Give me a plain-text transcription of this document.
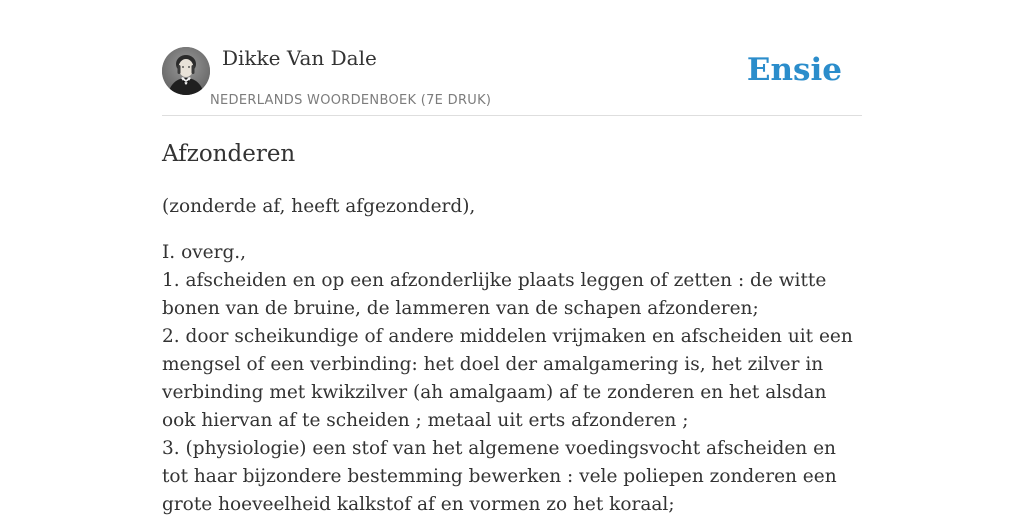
Dikke Van Dale
NEDERLANDS WOORDENBOEK (7E DRUK)
Ensie
Afzonderen
(zonderde af, heeft afgezonderd),
I. overg.,
1. afscheiden en op een afzonderlijke plaats leggen of zetten : de witte bonen van de bruine, de lammeren van de schapen afzonderen;
2. door scheikundige of andere middelen vrijmaken en afscheiden uit een mengsel of een verbinding: het doel der amalgamering is, het zilver in verbinding met kwikzilver (ah amalgaam) af te zonderen en het alsdan ook hiervan af te scheiden ; metaal uit erts afzonderen ;
3. (physiologie) een stof van het algemene voedingsvocht afscheiden en tot haar bijzondere bestemming bewerken : vele poliepen zonderen een grote hoeveelheid kalkstof af en vormen zo het koraal;
